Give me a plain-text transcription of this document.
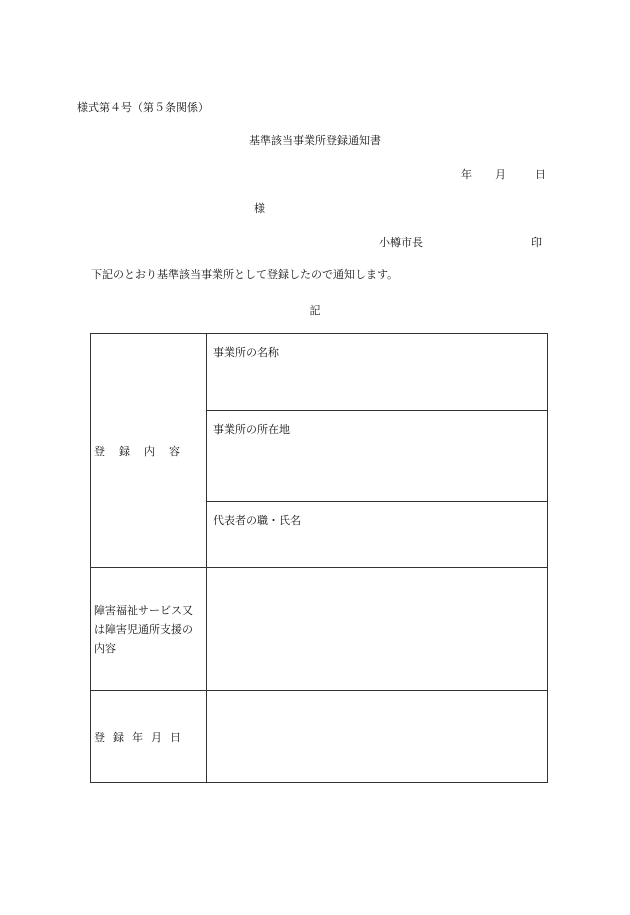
様式第４号（第５条関係）
基準該当事業所登録通知書
年 月	日
様
小樽市長	印
下記のとおり基準該当事業所として登録したので通知します。
記
登録内容	事業所の名称
	事業所の所在地
	代表者の職・氏名

障害福祉サービス又は障害児通所支援の内容	

登録年月日	
